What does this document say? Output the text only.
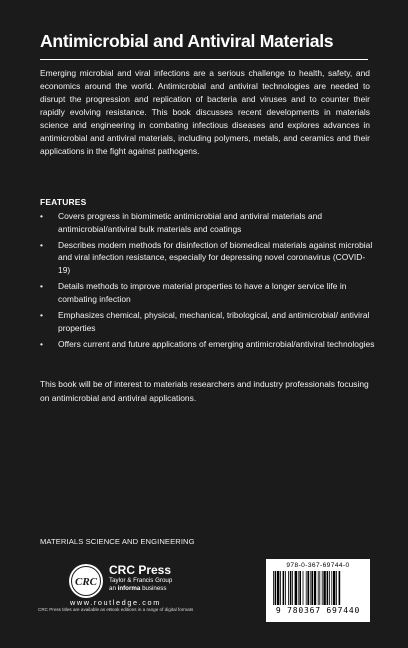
Antimicrobial and Antiviral Materials
Emerging microbial and viral infections are a serious challenge to health, safety, and economics around the world. Antimicrobial and antiviral technologies are needed to disrupt the progression and replication of bacteria and viruses and to counter their rapidly evolving resistance. This book discusses recent developments in materials science and engineering in combating infectious diseases and explores advances in antimicrobial and antiviral materials, including polymers, metals, and ceramics and their applications in the fight against pathogens.
FEATURES
•	Covers progress in biomimetic antimicrobial and antiviral materials and antimicrobial/antiviral bulk materials and coatings
•	Describes modern methods for disinfection of biomedical materials against microbial and viral infection resistance, especially for depressing novel coronavirus (COVID-19)
•	Details methods to improve material properties to have a longer service life in combating infection
•	Emphasizes chemical, physical, mechanical, tribological, and antimicrobial/ antiviral properties
•	Offers current and future applications of emerging antimicrobial/antiviral technologies
This book will be of interest to materials researchers and industry professionals focusing on antimicrobial and antiviral applications.
MATERIALS SCIENCE AND ENGINEERING
CRC
CRC Press
Taylor & Francis Group
an informa business
www.routledge.com
CRC Press titles are available as eBook editions in a range of digital formats
978-0-367-69744-0
9 780367 697440
